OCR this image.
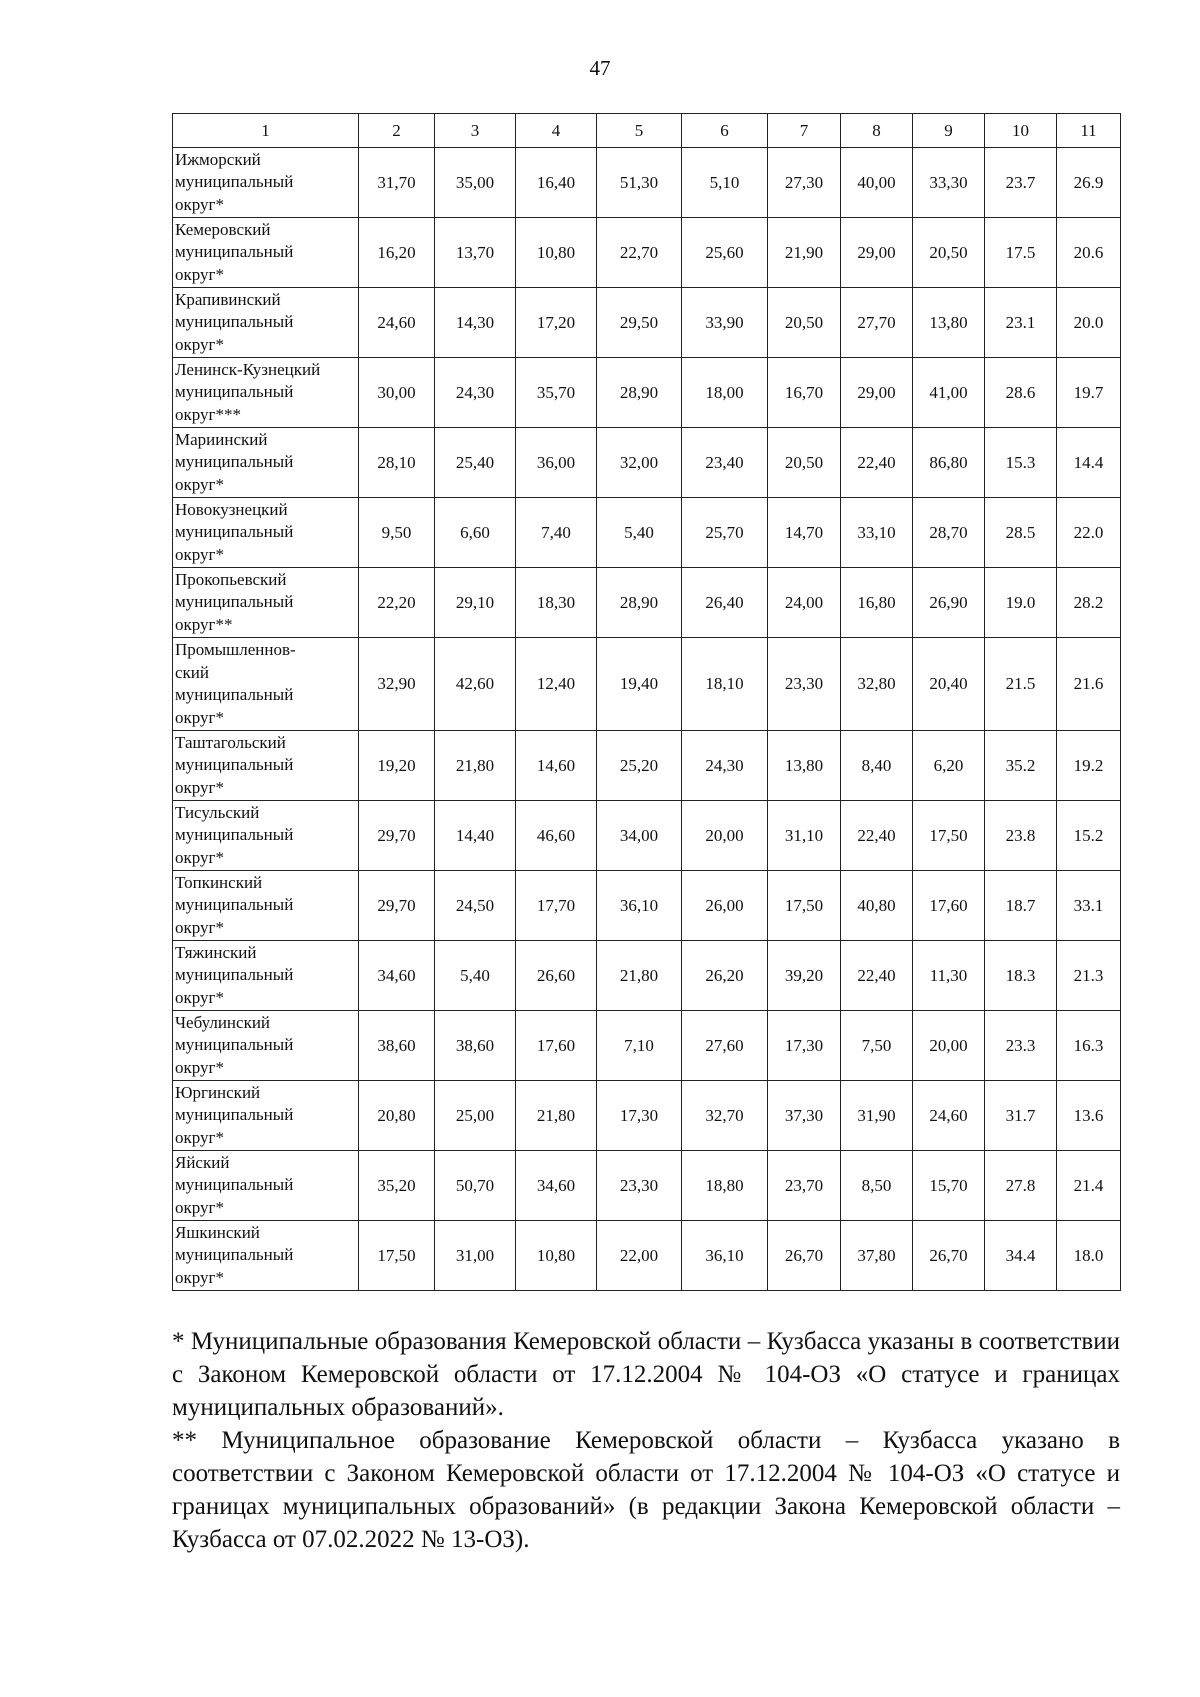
47
1	2	3	4	5	6	7	8	9	10	11

Ижморский
муниципальный
округ*	31,70	35,00	16,40	51,30	5,10	27,30	40,00	33,30	23.7	26.9

Кемеровский
муниципальный
округ*	16,20	13,70	10,80	22,70	25,60	21,90	29,00	20,50	17.5	20.6

Крапивинский
муниципальный
округ*	24,60	14,30	17,20	29,50	33,90	20,50	27,70	13,80	23.1	20.0

Ленинск-Кузнецкий
муниципальный
округ***	30,00	24,30	35,70	28,90	18,00	16,70	29,00	41,00	28.6	19.7

Мариинский
муниципальный
округ*	28,10	25,40	36,00	32,00	23,40	20,50	22,40	86,80	15.3	14.4

Новокузнецкий
муниципальный
округ*	9,50	6,60	7,40	5,40	25,70	14,70	33,10	28,70	28.5	22.0

Прокопьевский
муниципальный
округ**	22,20	29,10	18,30	28,90	26,40	24,00	16,80	26,90	19.0	28.2

Промышленнов-
ский
муниципальный
округ*	32,90	42,60	12,40	19,40	18,10	23,30	32,80	20,40	21.5	21.6

Таштагольский
муниципальный
округ*	19,20	21,80	14,60	25,20	24,30	13,80	8,40	6,20	35.2	19.2

Тисульский
муниципальный
округ*	29,70	14,40	46,60	34,00	20,00	31,10	22,40	17,50	23.8	15.2

Топкинский
муниципальный
округ*	29,70	24,50	17,70	36,10	26,00	17,50	40,80	17,60	18.7	33.1

Тяжинский
муниципальный
округ*	34,60	5,40	26,60	21,80	26,20	39,20	22,40	11,30	18.3	21.3

Чебулинский
муниципальный
округ*	38,60	38,60	17,60	7,10	27,60	17,30	7,50	20,00	23.3	16.3

Юргинский
муниципальный
округ*	20,80	25,00	21,80	17,30	32,70	37,30	31,90	24,60	31.7	13.6

Яйский
муниципальный
округ*	35,20	50,70	34,60	23,30	18,80	23,70	8,50	15,70	27.8	21.4

Яшкинский
муниципальный
округ*	17,50	31,00	10,80	22,00	36,10	26,70	37,80	26,70	34.4	18.0

* Муниципальные образования Кемеровской области – Кузбасса указаны в соответствии с Законом Кемеровской области от 17.12.2004 № 104-ОЗ «О статусе и границах муниципальных образований».

** Муниципальное образование Кемеровской области – Кузбасса указано в соответствии с Законом Кемеровской области от 17.12.2004 № 104-ОЗ «О статусе и границах муниципальных образований» (в редакции Закона Кемеровской области – Кузбасса от 07.02.2022 № 13-ОЗ).
